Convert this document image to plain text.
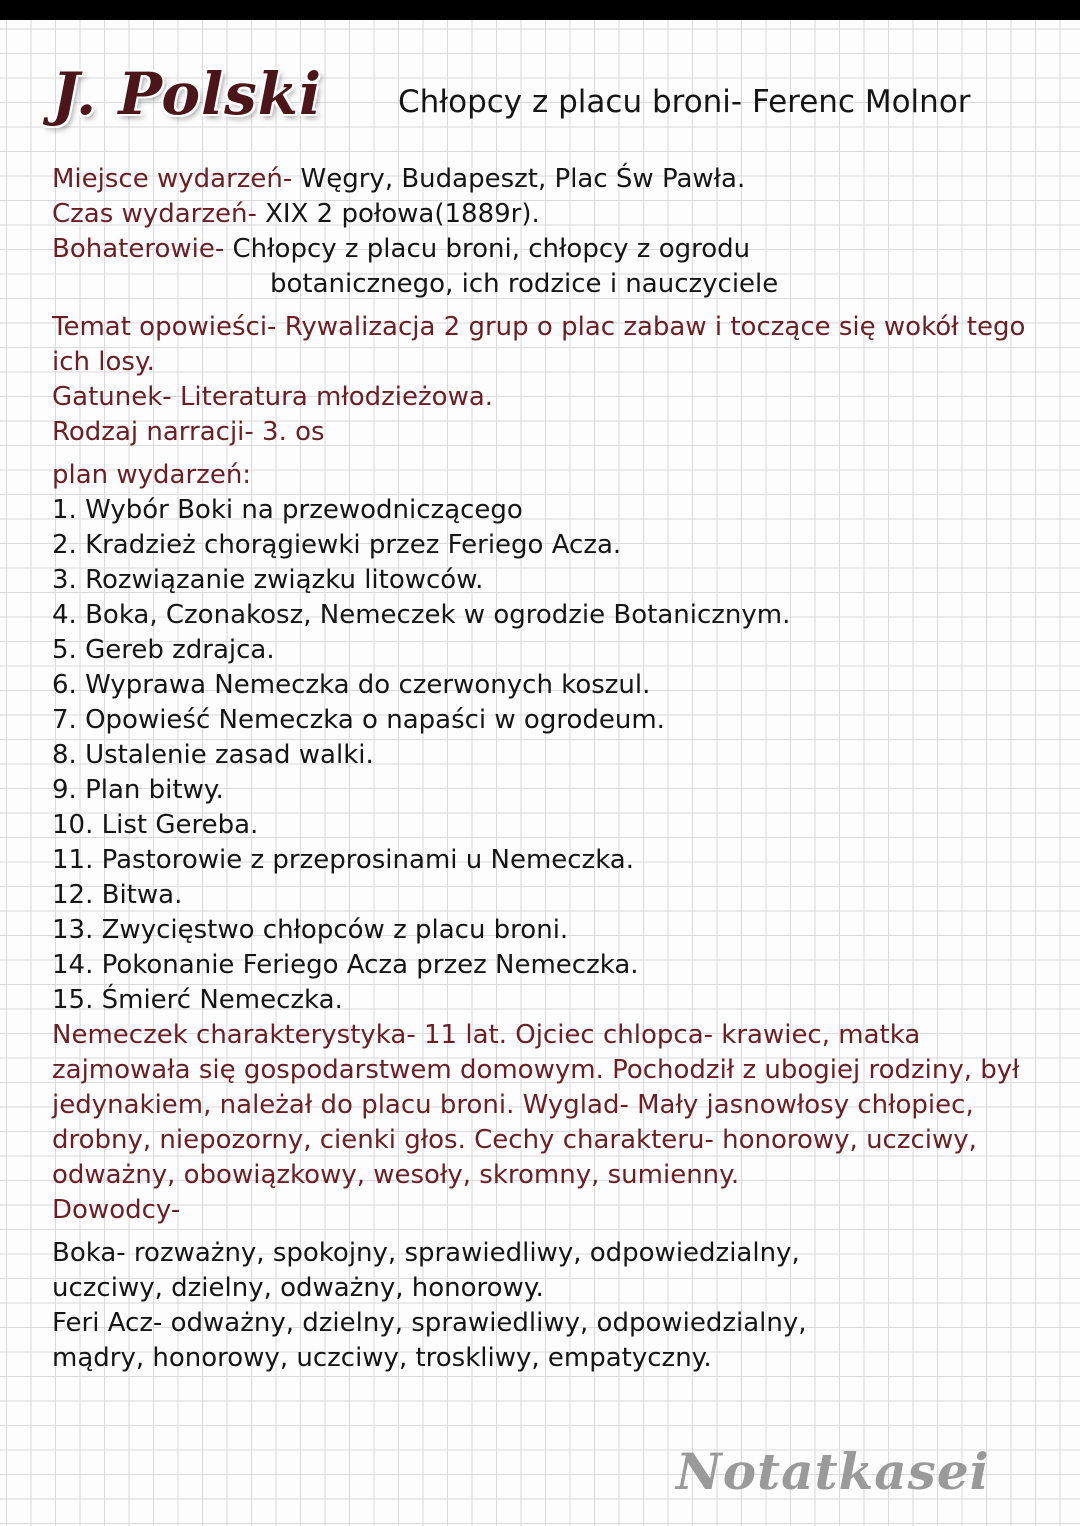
J. Polski Chłopcy z placu broni- Ferenc Molnor
Miejsce wydarzeń- Węgry, Budapeszt, Plac Św Pawła.
Czas wydarzeń- XIX 2 połowa(1889r).
Bohaterowie- Chłopcy z placu broni, chłopcy z ogrodu
botanicznego, ich rodzice i nauczyciele
Temat opowieści- Rywalizacja 2 grup o plac zabaw i toczące się wokół tego ich losy.
Gatunek- Literatura młodzieżowa.
Rodzaj narracji- 3. os
plan wydarzeń:
1. Wybór Boki na przewodniczącego
2. Kradzież chorągiewki przez Feriego Acza.
3. Rozwiązanie związku litowców.
4. Boka, Czonakosz, Nemeczek w ogrodzie Botanicznym.
5. Gereb zdrajca.
6. Wyprawa Nemeczka do czerwonych koszul.
7. Opowieść Nemeczka o napaści w ogrodeum.
8. Ustalenie zasad walki.
9. Plan bitwy.
10. List Gereba.
11. Pastorowie z przeprosinami u Nemeczka.
12. Bitwa.
13. Zwycięstwo chłopców z placu broni.
14. Pokonanie Feriego Acza przez Nemeczka.
15. Śmierć Nemeczka.
Nemeczek charakterystyka- 11 lat. Ojciec chlopca- krawiec, matka zajmowała się gospodarstwem domowym. Pochodził z ubogiej rodziny, był jedynakiem, należał do placu broni. Wyglad- Mały jasnowłosy chłopiec, drobny, niepozorny, cienki głos. Cechy charakteru- honorowy, uczciwy, odważny, obowiązkowy, wesoły, skromny, sumienny.
Dowodcy-
Boka- rozważny, spokojny, sprawiedliwy, odpowiedzialny,
uczciwy, dzielny, odważny, honorowy.
Feri Acz- odważny, dzielny, sprawiedliwy, odpowiedzialny,
mądry, honorowy, uczciwy, troskliwy, empatyczny.
Notatkasei
